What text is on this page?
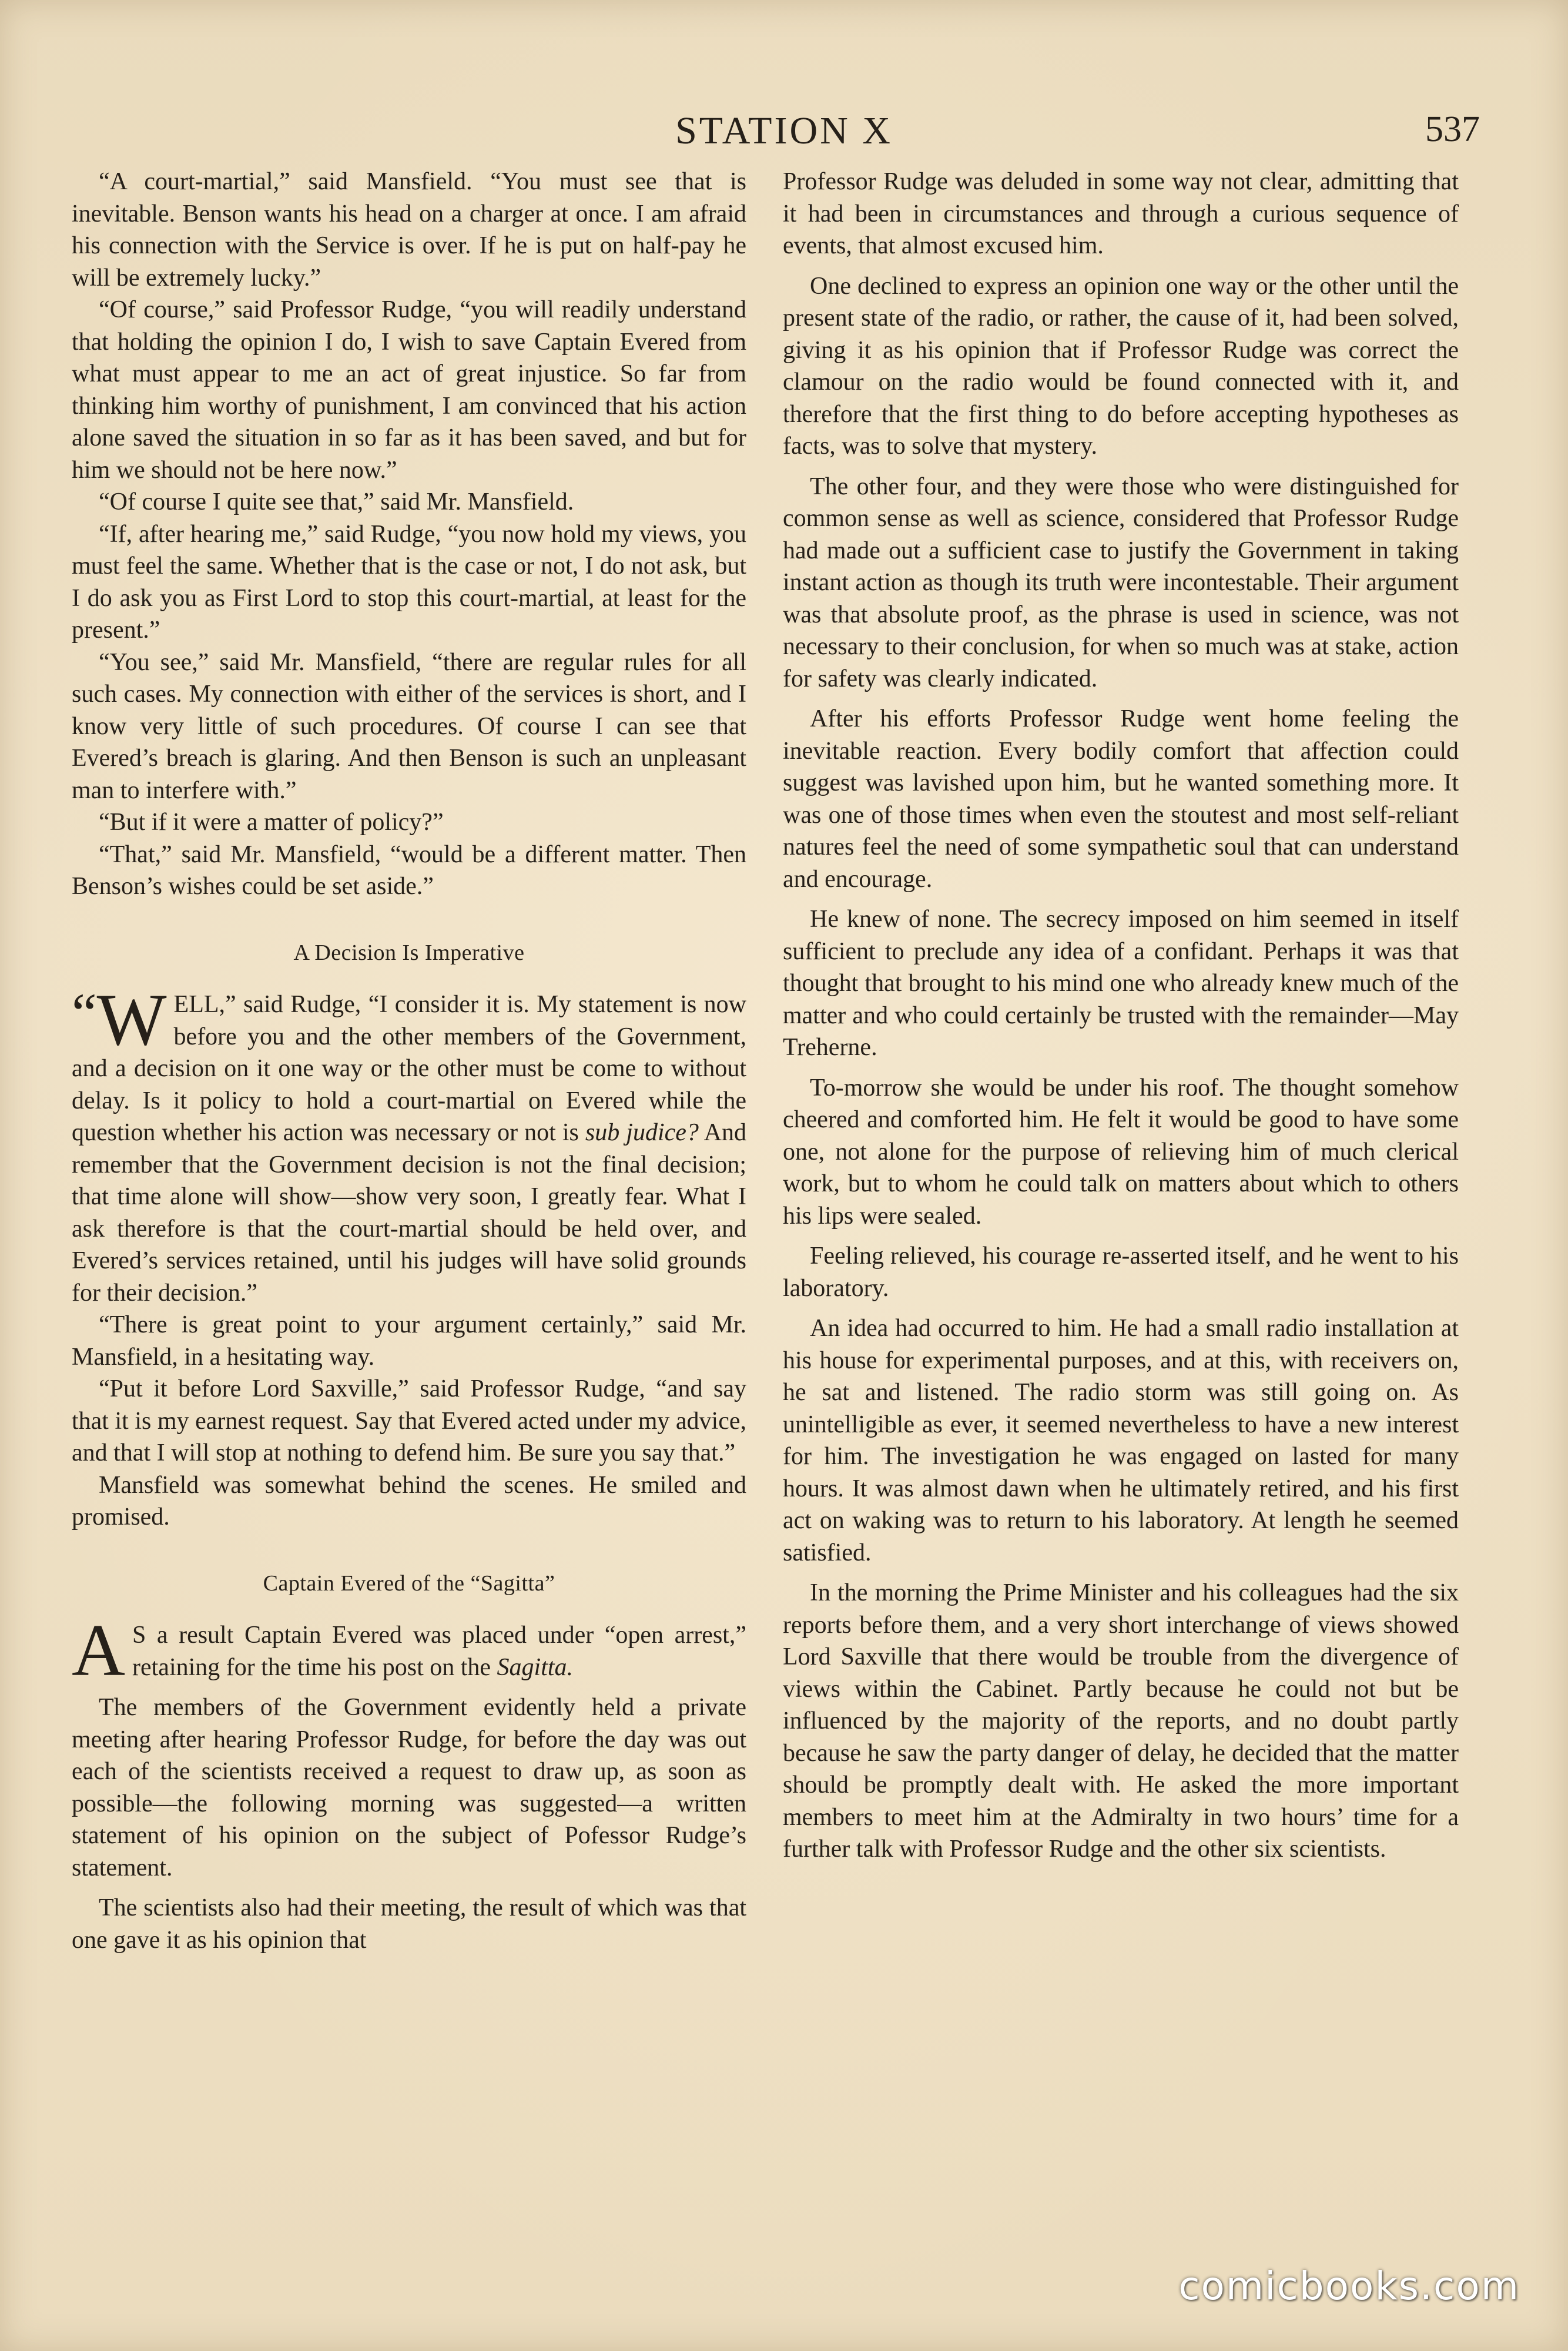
STATION X	537

“A court-martial,” said Mansfield. “You must see that is inevitable. Benson wants his head on a charger at once. I am afraid his connection with the Service is over. If he is put on half-pay he will be extremely lucky.”

“Of course,” said Professor Rudge, “you will readily understand that holding the opinion I do, I wish to save Captain Evered from what must appear to me an act of great injustice. So far from thinking him worthy of punishment, I am convinced that his action alone saved the situation in so far as it has been saved, and but for him we should not be here now.”

“Of course I quite see that,” said Mr. Mansfield.

“If, after hearing me,” said Rudge, “you now hold my views, you must feel the same. Whether that is the case or not, I do not ask, but I do ask you as First Lord to stop this court-martial, at least for the present.”

“You see,” said Mr. Mansfield, “there are regular rules for all such cases. My connection with either of the services is short, and I know very little of such procedures. Of course I can see that Evered’s breach is glaring. And then Benson is such an unpleasant man to interfere with.”

“But if it were a matter of policy?”

“That,” said Mr. Mansfield, “would be a different matter. Then Benson’s wishes could be set aside.”

A Decision Is Imperative

“W ELL,” said Rudge, “I consider it is. My statement is now before you and the other members of the Government, and a decision on it one way or the other must be come to without delay. Is it policy to hold a court-martial on Evered while the question whether his action was necessary or not is sub judice? And remember that the Government decision is not the final decision; that time alone will show—show very soon, I greatly fear. What I ask therefore is that the court-martial should be held over, and Evered’s services retained, until his judges will have solid grounds for their decision.”

“There is great point to your argument certainly,” said Mr. Mansfield, in a hesitating way.

“Put it before Lord Saxville,” said Professor Rudge, “and say that it is my earnest request. Say that Evered acted under my advice, and that I will stop at nothing to defend him. Be sure you say that.”

Mansfield was somewhat behind the scenes. He smiled and promised.

Captain Evered of the “Sagitta”

A S a result Captain Evered was placed under “open arrest,” retaining for the time his post on the Sagitta.

The members of the Government evidently held a private meeting after hearing Professor Rudge, for before the day was out each of the scientists received a request to draw up, as soon as possible—the following morning was suggested—a written statement of his opinion on the subject of Pofessor Rudge’s statement.

The scientists also had their meeting, the result of which was that one gave it as his opinion that

Professor Rudge was deluded in some way not clear, admitting that it had been in circumstances and through a curious sequence of events, that almost excused him.

One declined to express an opinion one way or the other until the present state of the radio, or rather, the cause of it, had been solved, giving it as his opinion that if Professor Rudge was correct the clamour on the radio would be found connected with it, and therefore that the first thing to do before accepting hypotheses as facts, was to solve that mystery.

The other four, and they were those who were distinguished for common sense as well as science, considered that Professor Rudge had made out a sufficient case to justify the Government in taking instant action as though its truth were incontestable. Their argument was that absolute proof, as the phrase is used in science, was not necessary to their conclusion, for when so much was at stake, action for safety was clearly indicated.

After his efforts Professor Rudge went home feeling the inevitable reaction. Every bodily comfort that affection could suggest was lavished upon him, but he wanted something more. It was one of those times when even the stoutest and most self-reliant natures feel the need of some sympathetic soul that can understand and encourage.

He knew of none. The secrecy imposed on him seemed in itself sufficient to preclude any idea of a confidant. Perhaps it was that thought that brought to his mind one who already knew much of the matter and who could certainly be trusted with the remainder—May Treherne.

To-morrow she would be under his roof. The thought somehow cheered and comforted him. He felt it would be good to have some one, not alone for the purpose of relieving him of much clerical work, but to whom he could talk on matters about which to others his lips were sealed.

Feeling relieved, his courage re-asserted itself, and he went to his laboratory.

An idea had occurred to him. He had a small radio installation at his house for experimental purposes, and at this, with receivers on, he sat and listened. The radio storm was still going on. As unintelligible as ever, it seemed nevertheless to have a new interest for him. The investigation he was engaged on lasted for many hours. It was almost dawn when he ultimately retired, and his first act on waking was to return to his laboratory. At length he seemed satisfied.

In the morning the Prime Minister and his colleagues had the six reports before them, and a very short interchange of views showed Lord Saxville that there would be trouble from the divergence of views within the Cabinet. Partly because he could not but be influenced by the majority of the reports, and no doubt partly because he saw the party danger of delay, he decided that the matter should be promptly dealt with. He asked the more important members to meet him at the Admiralty in two hours’ time for a further talk with Professor Rudge and the other six scientists.

comicbooks.com
